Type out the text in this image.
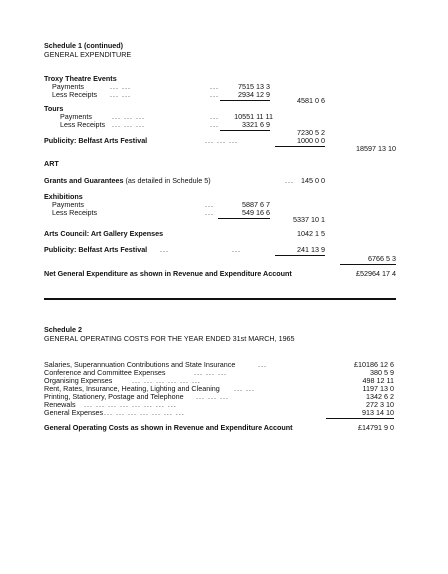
Schedule 1 (continued)
GENERAL EXPENDITURE
Troxy Theatre Events
Payments	... ...	...	7515 13 3
Less Receipts ... ...	...	2934 12 9
4581 0 6
Tours
Payments	... ... ...	...	10551 11 11
Less Receipts ... ... ...	...	3321 6 9
7230 5 2
Publicity: Belfast Arts Festival	... ... ...	1000 0 0
18597 13 10
ART
Grants and Guarantees (as detailed in Schedule 5)	... 145 0 0
Exhibitions
Payments	...	5887 6 7
Less Receipts	...	549 16 6
5337 10 1
Arts Council: Art Gallery Expenses	1042 1 5
Publicity: Belfast Arts Festival ...	...	241 13 9
6766 5 3
Net General Expenditure as shown in Revenue and Expenditure Account	£52964 17 4
Schedule 2
GENERAL OPERATING COSTS FOR THE YEAR ENDED 31st MARCH, 1965
Salaries, Superannuation Contributions and State Insurance	...	£10186 12 6
Conference and Committee Expenses	... ... ...	380 5 9
Organising Expenses	... ... ... ... ... ...	498 12 11
Rent, Rates, Insurance, Heating, Lighting and Cleaning ... ...	1197 13 0
Printing, Stationery, Postage and Telephone ... ... ...	1342 6 2
Renewals ... ... ... ... ... ... ... ...	272 3 10
General Expenses ... ... ... ... ... ... ...	913 14 10
General Operating Costs as shown in Revenue and Expenditure Account	£14791 9 0
